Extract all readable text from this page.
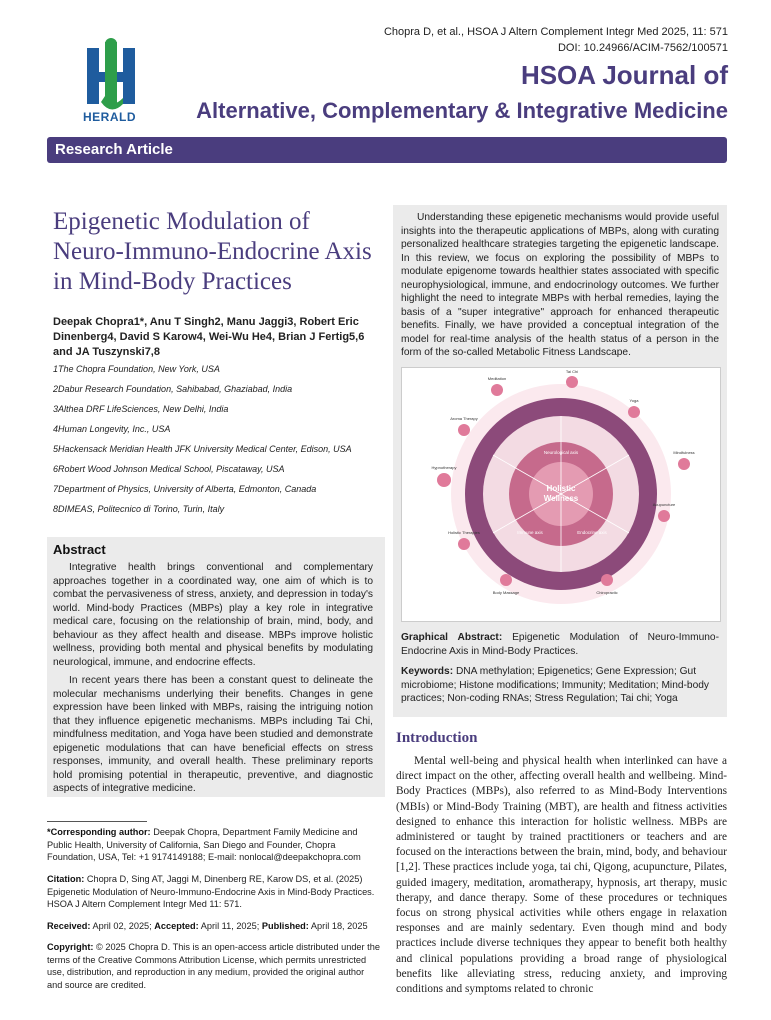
Chopra D, et al., HSOA J Altern Complement Integr Med 2025, 11: 571
DOI: 10.24966/ACIM-7562/100571
HERALD
HSOA Journal of
Alternative, Complementary & Integrative Medicine
Research Article
Epigenetic Modulation of Neuro-Immuno-Endocrine Axis in Mind-Body Practices
Deepak Chopra1*, Anu T Singh2, Manu Jaggi3, Robert Eric Dinenberg4, David S Karow4, Wei-Wu He4, Brian J Fertig5,6 and JA Tuszynski7,8
1The Chopra Foundation, New York, USA
2Dabur Research Foundation, Sahibabad, Ghaziabad, India
3Althea DRF LifeSciences, New Delhi, India
4Human Longevity, Inc., USA
5Hackensack Meridian Health JFK University Medical Center, Edison, USA
6Robert Wood Johnson Medical School, Piscataway, USA
7Department of Physics, University of Alberta, Edmonton, Canada
8DIMEAS, Politecnico di Torino, Turin, Italy
Abstract
Integrative health brings conventional and complementary approaches together in a coordinated way, one aim of which is to combat the pervasiveness of stress, anxiety, and depression in today's world. Mind-body Practices (MBPs) play a key role in integrative medical care, focusing on the relationship of brain, mind, body, and behaviour as they affect health and disease. MBPs improve holistic wellness, providing both mental and physical benefits by modulating neurological, immune, and endocrine effects.
In recent years there has been a constant quest to delineate the molecular mechanisms underlying their benefits. Changes in gene expression have been linked with MBPs, raising the intriguing notion that they influence epigenetic mechanisms. MBPs including Tai Chi, mindfulness meditation, and Yoga have been studied and demonstrate epigenetic modulations that can have beneficial effects on stress responses, immunity, and overall health. These preliminary reports hold promising potential in therapeutic, preventive, and diagnostic aspects of integrative medicine.
*Corresponding author: Deepak Chopra, Department Family Medicine and Public Health, University of California, San Diego and Founder, Chopra Foundation, USA, Tel: +1 9174149188; E-mail: nonlocal@deepakchopra.com
Citation: Chopra D, Sing AT, Jaggi M, Dinenberg RE, Karow DS, et al. (2025) Epigenetic Modulation of Neuro-Immuno-Endocrine Axis in Mind-Body Practices. HSOA J Altern Complement Integr Med 11: 571.
Received: April 02, 2025; Accepted: April 11, 2025; Published: April 18, 2025
Copyright: © 2025 Chopra D. This is an open-access article distributed under the terms of the Creative Commons Attribution License, which permits unrestricted use, distribution, and reproduction in any medium, provided the original author and source are credited.
Understanding these epigenetic mechanisms would provide useful insights into the therapeutic applications of MBPs, along with curating personalized healthcare strategies targeting the epigenetic landscape. In this review, we focus on exploring the possibility of MBPs to modulate epigenome towards healthier states associated with specific neurophysiological, immune, and endocrinology outcomes. We further highlight the need to integrate MBPs with herbal remedies, laying the basis of a "super integrative" approach for enhanced therapeutic benefits. Finally, we have provided a conceptual integration of the model for real-time analysis of the health status of a person in the form of the so-called Metabolic Fitness Landscape.
Holistic
Wellness
Neurological axis
Immune axis	Endocrine axis
Meditation
Tai Chi
Yoga
Aroma Therapy
Hypnotherapy
Mindfulness
Acupuncture
Holistic Therapies
Chiropractic
Body Massage
Graphical Abstract: Epigenetic Modulation of Neuro-Immuno-Endocrine Axis in Mind-Body Practices.
Keywords: DNA methylation; Epigenetics; Gene Expression; Gut microbiome; Histone modifications; Immunity; Meditation; Mind-body practices; Non-coding RNAs; Stress Regulation; Tai chi; Yoga
Introduction
Mental well-being and physical health when interlinked can have a direct impact on the other, affecting overall health and wellbeing. Mind-Body Practices (MBPs), also referred to as Mind-Body Interventions (MBIs) or Mind-Body Training (MBT), are health and fitness activities designed to enhance this interaction for holistic wellness. MBPs are administered or taught by trained practitioners or teachers and are focused on the interactions between the brain, mind, body, and behaviour [1,2]. These practices include yoga, tai chi, Qigong, acupuncture, Pilates, guided imagery, meditation, aromatherapy, hypnosis, art therapy, music therapy, and dance therapy. Some of these procedures or techniques focus on strong physical activities while others engage in relaxation responses and are mainly sedentary. Even though mind and body practices include diverse techniques they appear to benefit both healthy and clinical populations providing a broad range of physiological benefits like alleviating stress, reducing anxiety, and improving conditions and symptoms related to chronic
